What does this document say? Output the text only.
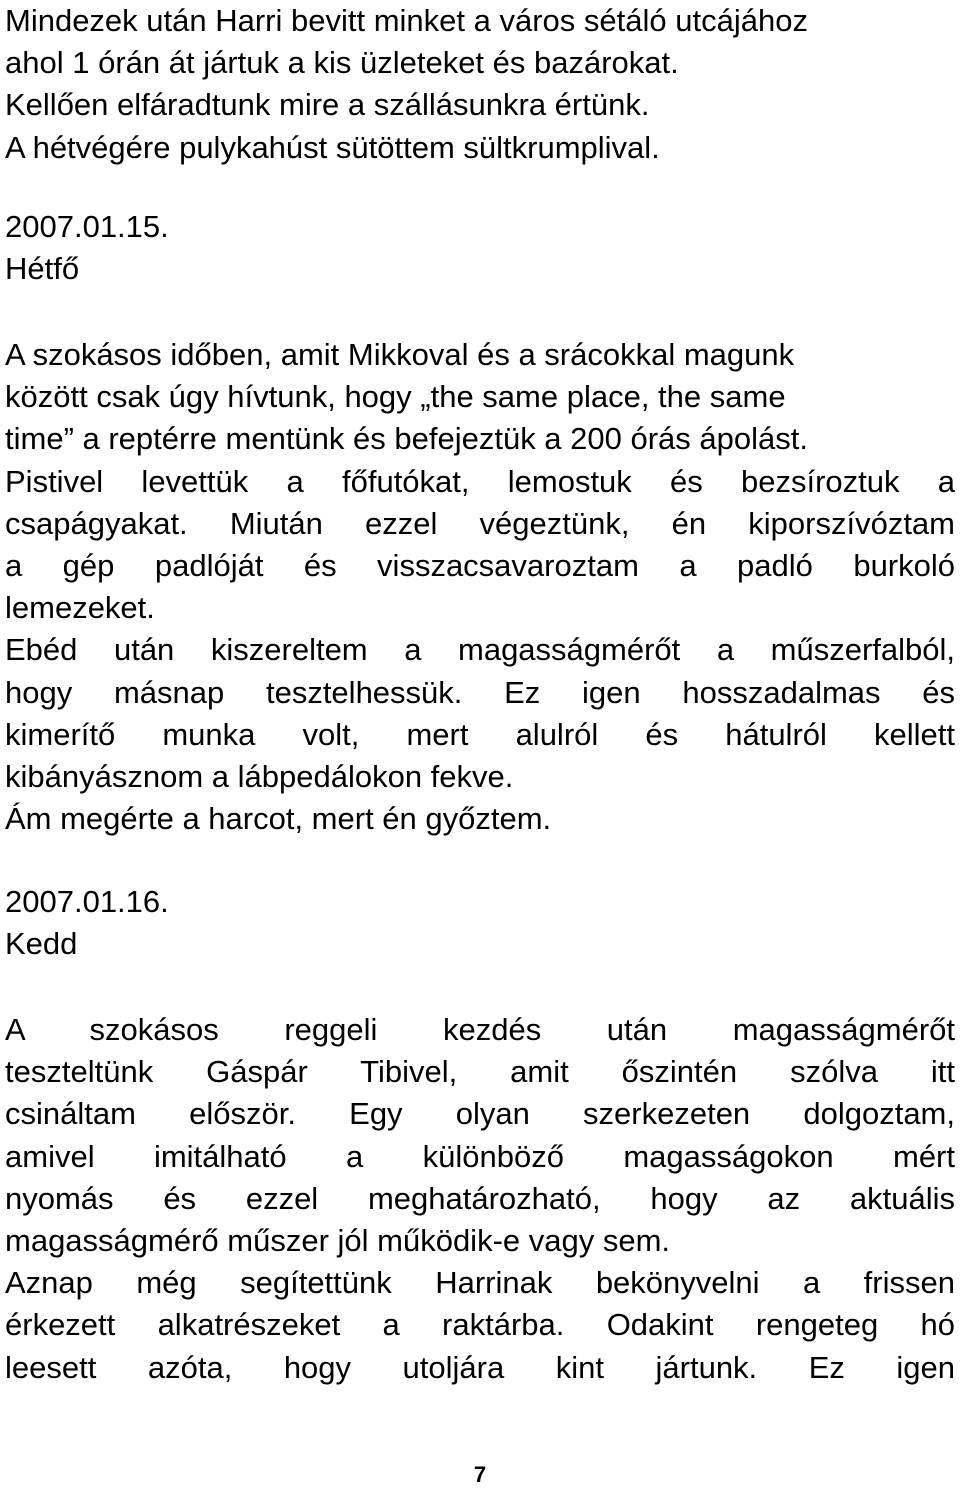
Mindezek után Harri bevitt minket a város sétáló utcájához
ahol 1 órán át jártuk a kis üzleteket és bazárokat.
Kellően elfáradtunk mire a szállásunkra értünk.
A hétvégére pulykahúst sütöttem sültkrumplival.
2007.01.15.
Hétfő
A szokásos időben, amit Mikkoval és a srácokkal magunk
között csak úgy hívtunk, hogy „the same place, the same
time” a reptérre mentünk és befejeztük a 200 órás ápolást.
Pistivel levettük a főfutókat, lemostuk és bezsíroztuk a
csapágyakat. Miután ezzel végeztünk, én kiporszívóztam
a gép padlóját és visszacsavaroztam a padló burkoló
lemezeket.
Ebéd után kiszereltem a magasságmérőt a műszerfalból,
hogy másnap tesztelhessük. Ez igen hosszadalmas és
kimerítő munka volt, mert alulról és hátulról kellett
kibányásznom a lábpedálokon fekve.
Ám megérte a harcot, mert én győztem.
2007.01.16.
Kedd
A szokásos reggeli kezdés után magasságmérőt
teszteltünk Gáspár Tibivel, amit őszintén szólva itt
csináltam először. Egy olyan szerkezeten dolgoztam,
amivel imitálható a különböző magasságokon mért
nyomás és ezzel meghatározható, hogy az aktuális
magasságmérő műszer jól működik-e vagy sem.
Aznap még segítettünk Harrinak bekönyvelni a frissen
érkezett alkatrészeket a raktárba. Odakint rengeteg hó
leesett azóta, hogy utoljára kint jártunk. Ez igen
7
